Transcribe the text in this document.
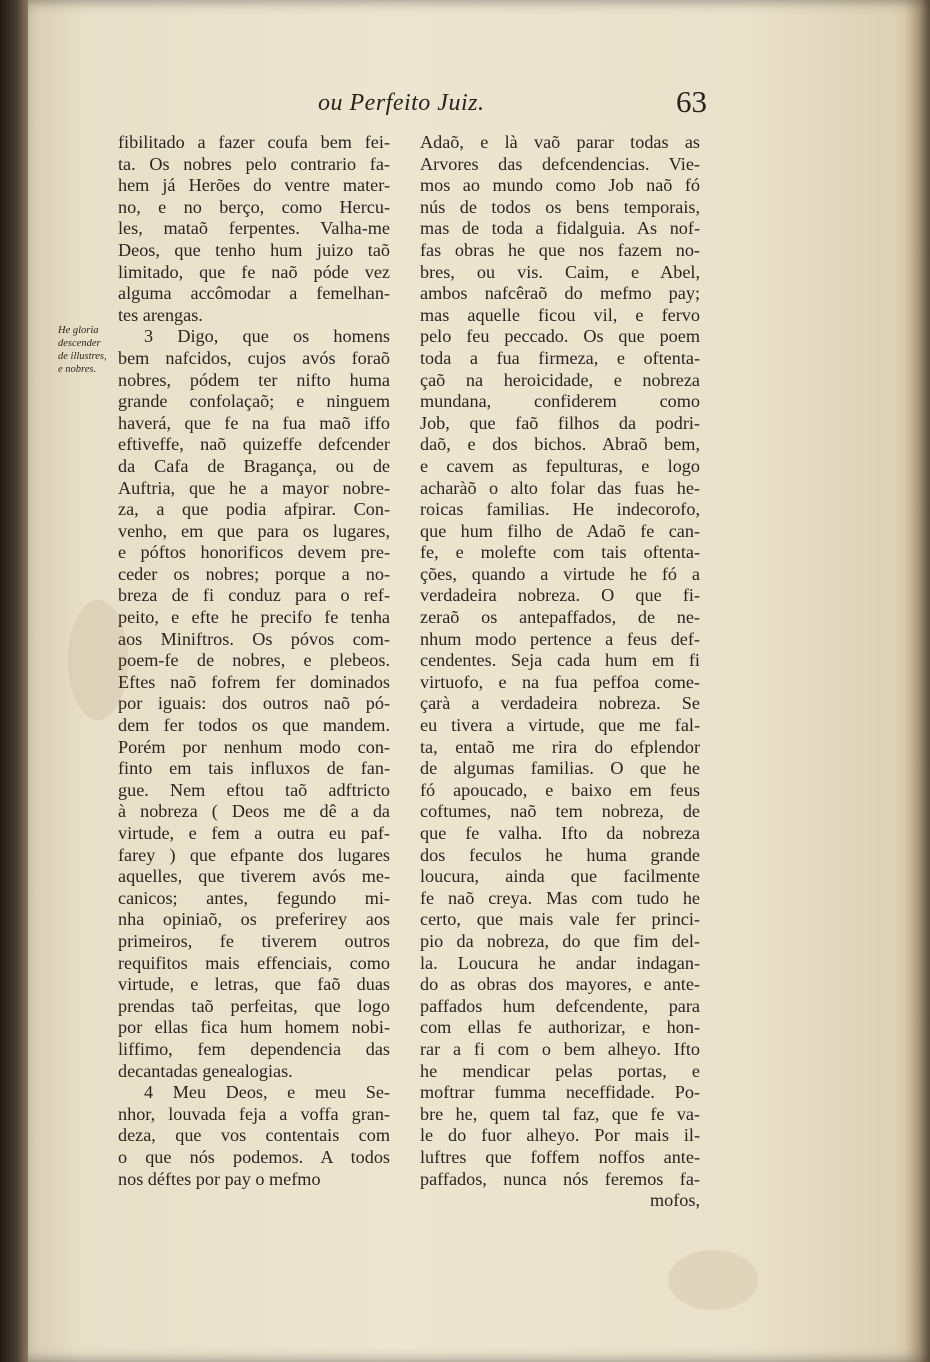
ou Perfeito Juiz.	63
He gloria
descender
de illustres,
e nobres.
fibilitado a fazer coufa bem fei-
ta. Os nobres pelo contrario fa-
hem já Herões do ventre mater-
no, e no berço, como Hercu-
les, mataõ ferpentes. Valha-me
Deos, que tenho hum juizo taõ
limitado, que fe naõ póde vez
alguma accômodar a femelhan-
tes arengas.
3 Digo, que os homens
bem nafcidos, cujos avós foraõ
nobres, pódem ter nifto huma
grande confolaçaõ; e ninguem
haverá, que fe na fua maõ iffo
eftiveffe, naõ quizeffe defcender
da Cafa de Bragança, ou de
Auftria, que he a mayor nobre-
za, a que podia afpirar. Con-
venho, em que para os lugares,
e póftos honorificos devem pre-
ceder os nobres; porque a no-
breza de fi conduz para o ref-
peito, e efte he precifo fe tenha
aos Miniftros. Os póvos com-
poem-fe de nobres, e plebeos.
Eftes naõ fofrem fer dominados
por iguais: dos outros naõ pó-
dem fer todos os que mandem.
Porém por nenhum modo con-
finto em tais influxos de fan-
gue. Nem eftou taõ adftricto
à nobreza ( Deos me dê a da
virtude, e fem a outra eu paf-
farey ) que efpante dos lugares
aquelles, que tiverem avós me-
canicos; antes, fegundo mi-
nha opiniaõ, os preferirey aos
primeiros, fe tiverem outros
requifitos mais effenciais, como
virtude, e letras, que faõ duas
prendas taõ perfeitas, que logo
por ellas fica hum homem nobi-
liffimo, fem dependencia das
decantadas genealogias.
4 Meu Deos, e meu Se-
nhor, louvada feja a voffa gran-
deza, que vos contentais com
o que nós podemos. A todos
nos déftes por pay o mefmo
Adaõ, e là vaõ parar todas as
Arvores das defcendencias. Vie-
mos ao mundo como Job naõ fó
nús de todos os bens temporais,
mas de toda a fidalguia. As nof-
fas obras he que nos fazem no-
bres, ou vis. Caim, e Abel,
ambos nafcêraõ do mefmo pay;
mas aquelle ficou vil, e fervo
pelo feu peccado. Os que poem
toda a fua firmeza, e oftenta-
çaõ na heroicidade, e nobreza
mundana, confiderem como
Job, que faõ filhos da podri-
daõ, e dos bichos. Abraõ bem,
e cavem as fepulturas, e logo
acharàõ o alto folar das fuas he-
roicas familias. He indecorofo,
que hum filho de Adaõ fe can-
fe, e molefte com tais oftenta-
ções, quando a virtude he fó a
verdadeira nobreza. O que fi-
zeraõ os antepaffados, de ne-
nhum modo pertence a feus def-
cendentes. Seja cada hum em fi
virtuofo, e na fua peffoa come-
çarà a verdadeira nobreza. Se
eu tivera a virtude, que me fal-
ta, entaõ me rira do efplendor
de algumas familias. O que he
fó apoucado, e baixo em feus
coftumes, naõ tem nobreza, de
que fe valha. Ifto da nobreza
dos feculos he huma grande
loucura, ainda que facilmente
fe naõ creya. Mas com tudo he
certo, que mais vale fer princi-
pio da nobreza, do que fim del-
la. Loucura he andar indagan-
do as obras dos mayores, e ante-
paffados hum defcendente, para
com ellas fe authorizar, e hon-
rar a fi com o bem alheyo. Ifto
he mendicar pelas portas, e
moftrar fumma neceffidade. Po-
bre he, quem tal faz, que fe va-
le do fuor alheyo. Por mais il-
luftres que foffem noffos ante-
paffados, nunca nós feremos fa-
mofos,
